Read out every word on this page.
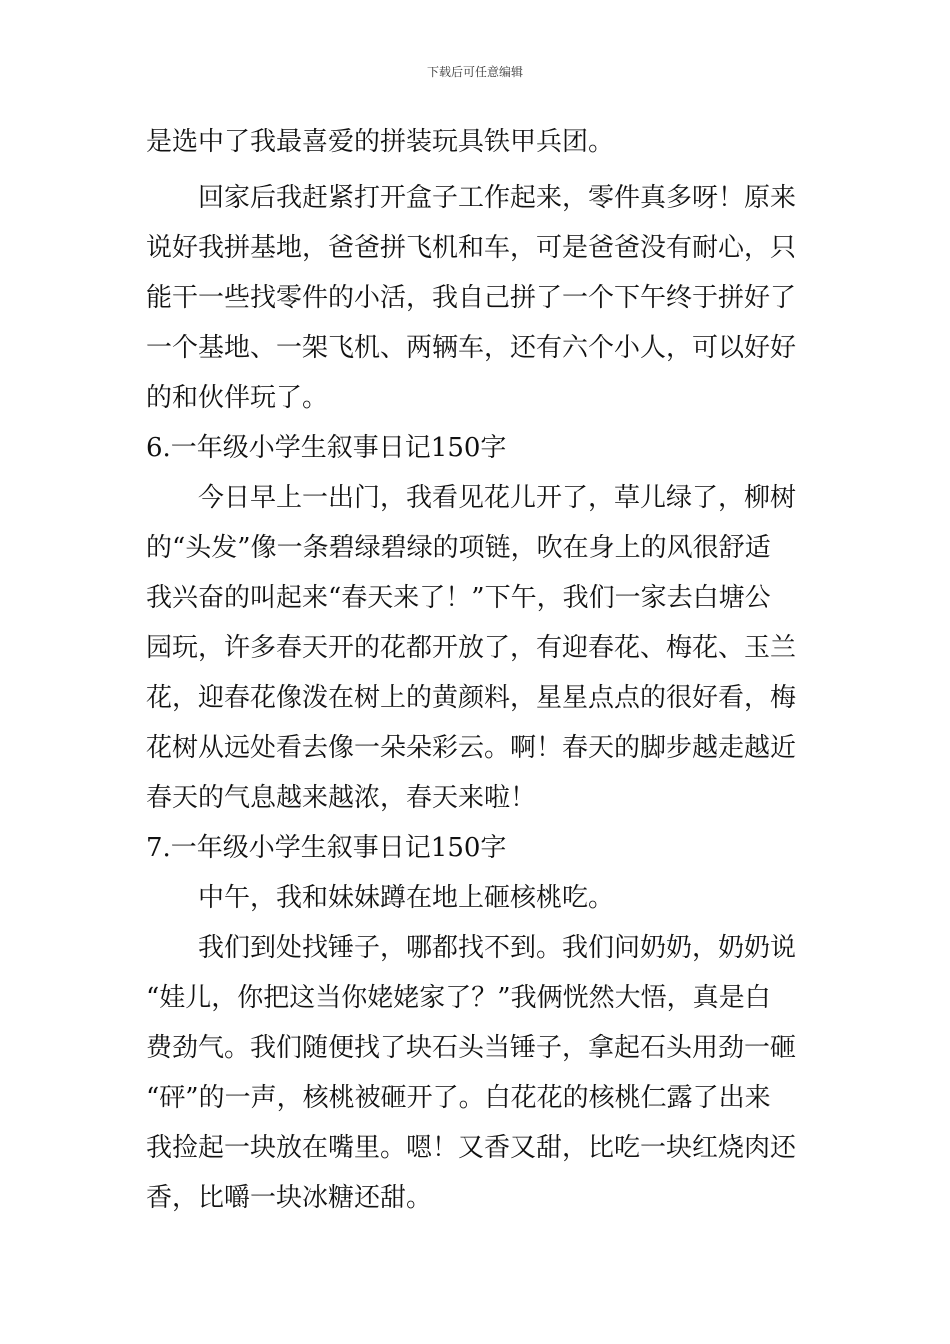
下载后可任意编辑
是选中了我最喜爱的拼装玩具铁甲兵团。
回家后我赶紧打开盒子工作起来，零件真多呀！原来
说好我拼基地，爸爸拼飞机和车，可是爸爸没有耐心，只
能干一些找零件的小活，我自己拼了一个下午终于拼好了
一个基地、一架飞机、两辆车，还有六个小人，可以好好
的和伙伴玩了。
6.一年级小学生叙事日记150字
今日早上一出门，我看见花儿开了，草儿绿了，柳树
的“头发”像一条碧绿碧绿的项链，吹在身上的风很舒适
我兴奋的叫起来“春天来了！”下午，我们一家去白塘公
园玩，许多春天开的花都开放了，有迎春花、梅花、玉兰
花，迎春花像泼在树上的黄颜料，星星点点的很好看，梅
花树从远处看去像一朵朵彩云。啊！春天的脚步越走越近
春天的气息越来越浓，春天来啦！
7.一年级小学生叙事日记150字
中午，我和妹妹蹲在地上砸核桃吃。
我们到处找锤子，哪都找不到。我们问奶奶，奶奶说
“娃儿，你把这当你姥姥家了？”我俩恍然大悟，真是白
费劲气。我们随便找了块石头当锤子，拿起石头用劲一砸
“砰”的一声，核桃被砸开了。白花花的核桃仁露了出来
我捡起一块放在嘴里。嗯！又香又甜，比吃一块红烧肉还
香，比嚼一块冰糖还甜。
